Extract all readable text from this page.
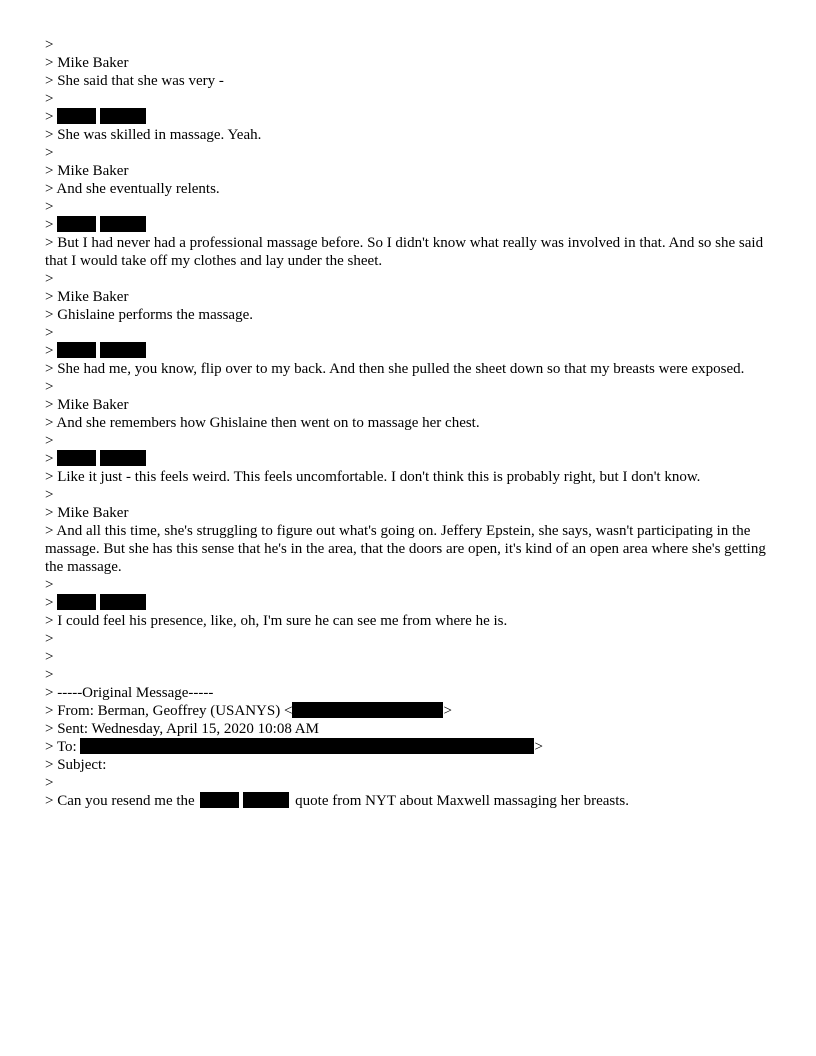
>
> Mike Baker
> She said that she was very -
>
>
> She was skilled in massage. Yeah.
>
> Mike Baker
> And she eventually relents.
>
>
> But I had never had a professional massage before. So I didn't know what really was involved in that. And so she said that I would take off my clothes and lay under the sheet.
>
> Mike Baker
> Ghislaine performs the massage.
>
>
> She had me, you know, flip over to my back. And then she pulled the sheet down so that my breasts were exposed.
>
> Mike Baker
> And she remembers how Ghislaine then went on to massage her chest.
>
>
> Like it just - this feels weird. This feels uncomfortable. I don't think this is probably right, but I don't know.
>
> Mike Baker
> And all this time, she's struggling to figure out what's going on. Jeffery Epstein, she says, wasn't participating in the massage. But she has this sense that he's in the area, that the doors are open, it's kind of an open area where she's getting the massage.
>
>
> I could feel his presence, like, oh, I'm sure he can see me from where he is.
>
>
>
> -----Original Message-----
> From: Berman, Geoffrey (USANYS) <	>
> Sent: Wednesday, April 15, 2020 10:08 AM
> To:	>
> Subject:
>
> Can you resend me the	quote from NYT about Maxwell massaging her breasts.
